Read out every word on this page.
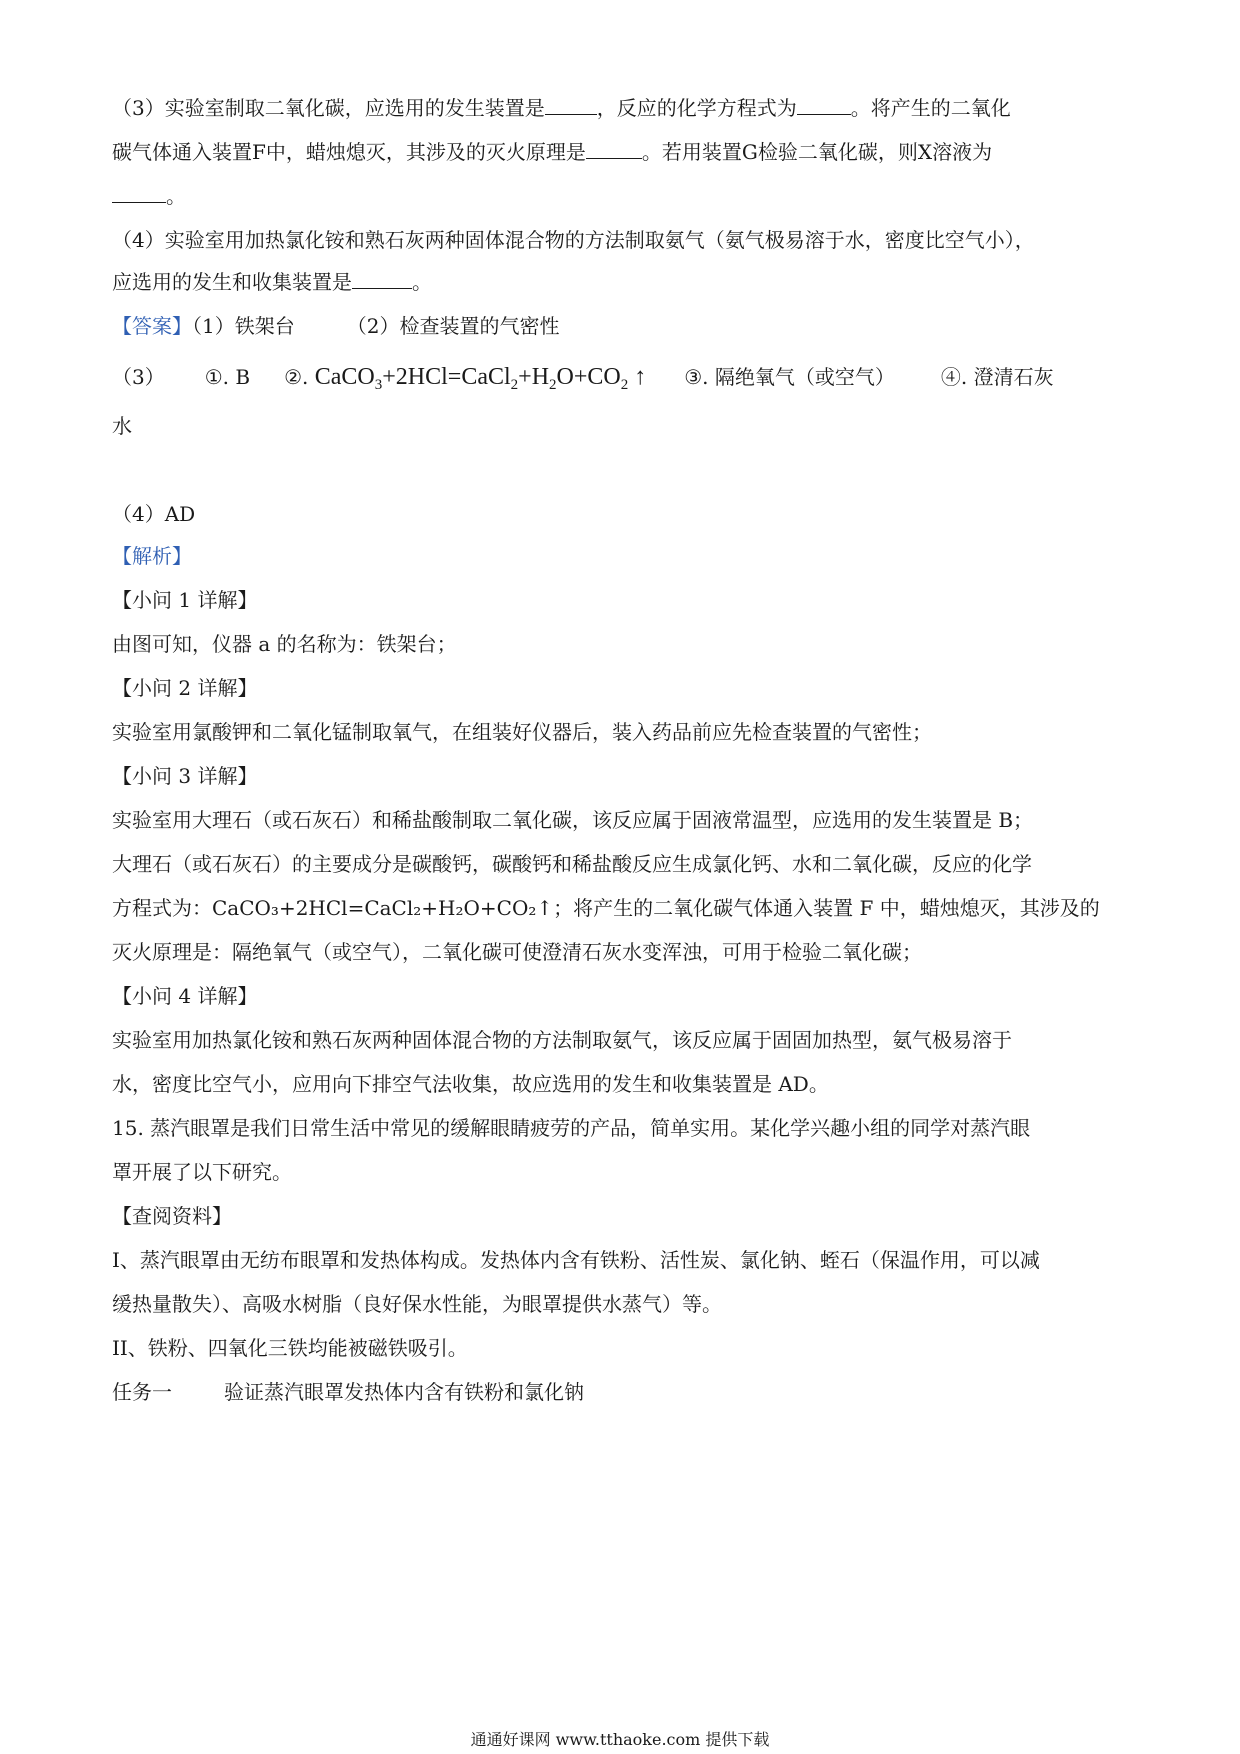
（3）实验室制取二氧化碳，应选用的发生装置是	，反应的化学方程式为	。将产生的二氧化

碳气体通入装置F中，蜡烛熄灭，其涉及的灭火原理是	。若用装置G检验二氧化碳，则X溶液为

。

（4）实验室用加热氯化铵和熟石灰两种固体混合物的方法制取氨气（氨气极易溶于水，密度比空气小），

应选用的发生和收集装置是	。

【答案】（1）铁架台	（2）检查装置的气密性

（3） ①. B ②. $CaCO_3+2HCl=CaCl_2+H_2O+CO_2$ ↑ ③. 隔绝氧气（或空气） ④. 澄清石灰

水

（4）AD

【解析】

【小问 1 详解】

由图可知，仪器 a 的名称为：铁架台；

【小问 2 详解】

实验室用氯酸钾和二氧化锰制取氧气，在组装好仪器后，装入药品前应先检查装置的气密性；

【小问 3 详解】

实验室用大理石（或石灰石）和稀盐酸制取二氧化碳，该反应属于固液常温型，应选用的发生装置是 B；

大理石（或石灰石）的主要成分是碳酸钙，碳酸钙和稀盐酸反应生成氯化钙、水和二氧化碳，反应的化学

方程式为：CaCO₃+2HCl=CaCl₂+H₂O+CO₂↑；将产生的二氧化碳气体通入装置 F 中，蜡烛熄灭，其涉及的

灭火原理是：隔绝氧气（或空气），二氧化碳可使澄清石灰水变浑浊，可用于检验二氧化碳；

【小问 4 详解】

实验室用加热氯化铵和熟石灰两种固体混合物的方法制取氨气，该反应属于固固加热型，氨气极易溶于

水，密度比空气小，应用向下排空气法收集，故应选用的发生和收集装置是 AD。

15. 蒸汽眼罩是我们日常生活中常见的缓解眼睛疲劳的产品，简单实用。某化学兴趣小组的同学对蒸汽眼

罩开展了以下研究。

【查阅资料】

I、蒸汽眼罩由无纺布眼罩和发热体构成。发热体内含有铁粉、活性炭、氯化钠、蛭石（保温作用，可以减

缓热量散失）、高吸水树脂（良好保水性能，为眼罩提供水蒸气）等。

II、铁粉、四氧化三铁均能被磁铁吸引。

任务一	验证蒸汽眼罩发热体内含有铁粉和氯化钠

通通好课网 www.tthaoke.com 提供下载
